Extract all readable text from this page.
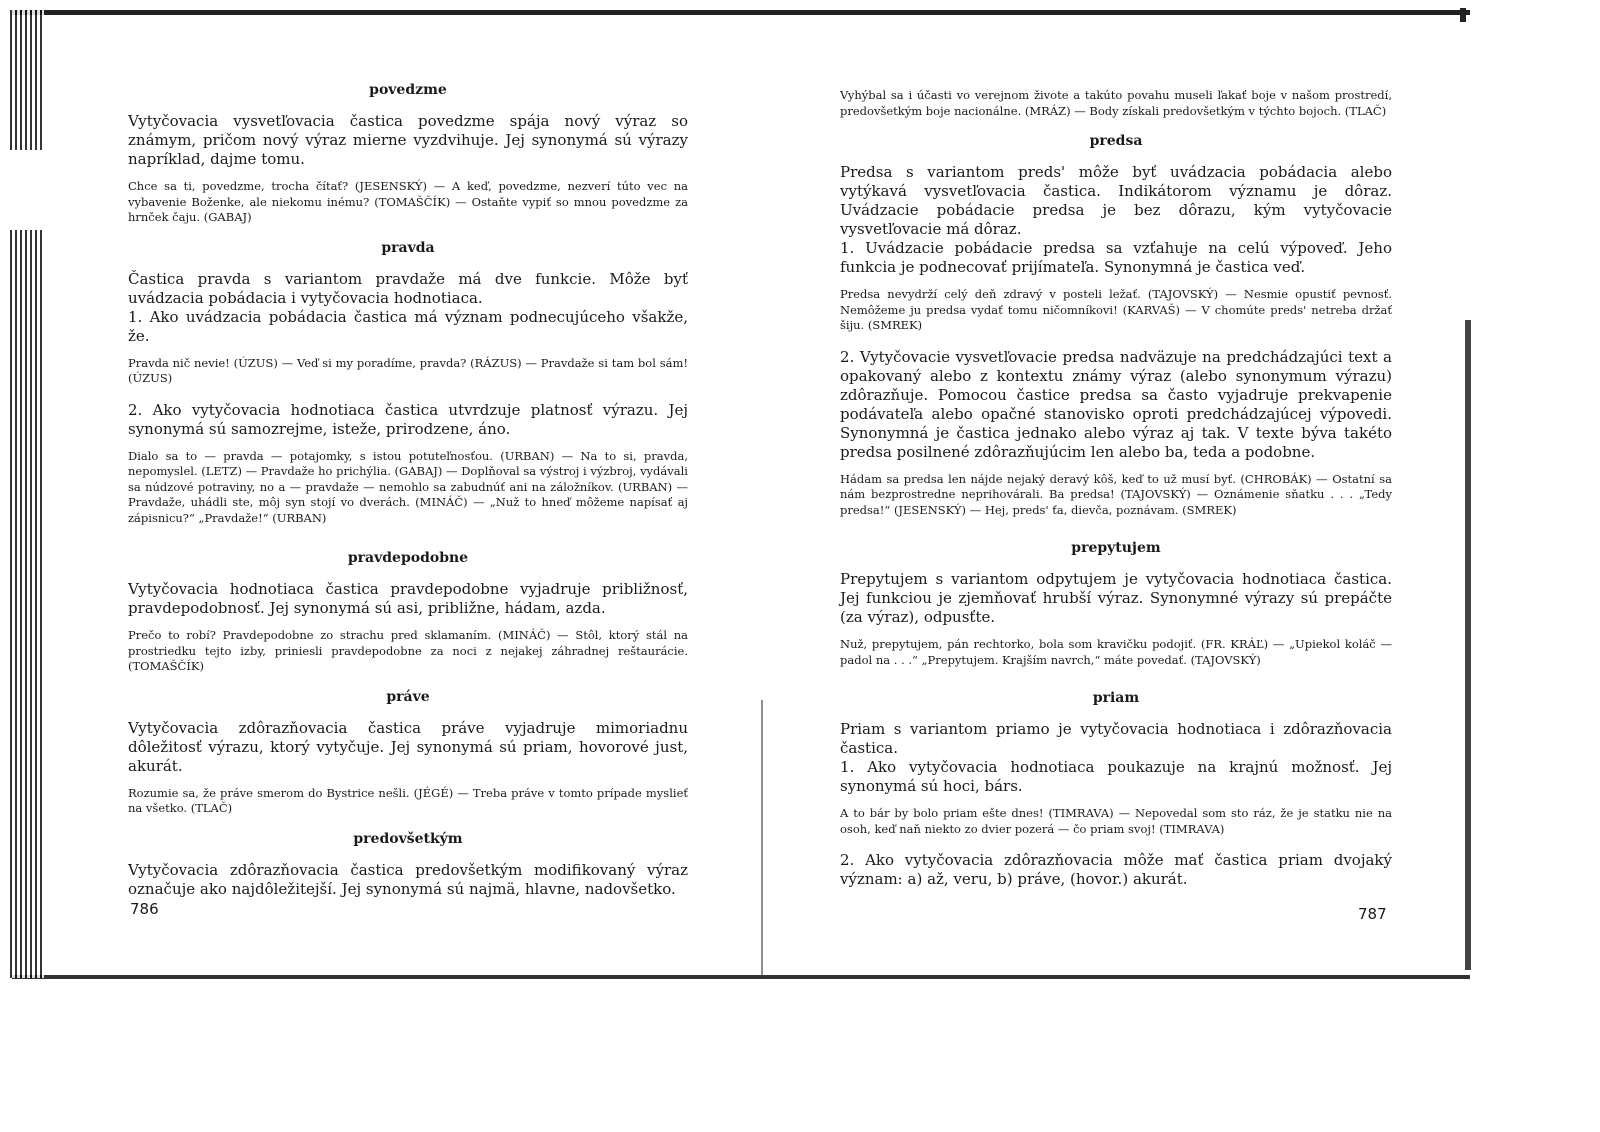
povedzme

Vytyčovacia vysvetľovacia častica povedzme spája nový výraz so známym, pričom nový výraz mierne vyzdvihuje. Jej synonymá sú výrazy napríklad, dajme tomu.

Chce sa ti, povedzme, trocha čítať? (JESENSKÝ) — A keď, povedzme, nezverí túto vec na vybavenie Boženke, ale niekomu inému? (TOMAŠČÍK) — Ostaňte vypiť so mnou povedzme za hrnček čaju. (GABAJ)

pravda

Častica pravda s variantom pravdaže má dve funkcie. Môže byť uvádzacia pobádacia i vytyčovacia hodnotiaca.

1. Ako uvádzacia pobádacia častica má význam podnecujúceho všakže, že.

Pravda nič nevie! (ÚZUS) — Veď si my poradíme, pravda? (RÁZUS) — Pravdaže si tam bol sám! (ÚZUS)

2. Ako vytyčovacia hodnotiaca častica utvrdzuje platnosť výrazu. Jej synonymá sú samozrejme, isteže, prirodzene, áno.

Dialo sa to — pravda — potajomky, s istou potuteľnosťou. (URBAN) — Na to si, pravda, nepomyslel. (LETZ) — Pravdaže ho prichýlia. (GABAJ) — Doplňoval sa výstroj i výzbroj, vydávali sa núdzové potraviny, no a — pravdaže — nemohlo sa zabudnúť ani na záložníkov. (URBAN) — Pravdaže, uhádli ste, môj syn stojí vo dverách. (MINÁČ) — „Nuž to hneď môžeme napísať aj zápisnicu?“ „Pravdaže!“ (URBAN)

pravdepodobne

Vytyčovacia hodnotiaca častica pravdepodobne vyjadruje približnosť, pravdepodobnosť. Jej synonymá sú asi, približne, hádam, azda.

Prečo to robí? Pravdepodobne zo strachu pred sklamaním. (MINÁČ) — Stôl, ktorý stál na prostriedku tejto izby, priniesli pravdepodobne za noci z nejakej záhradnej reštaurácie. (TOMAŠČÍK)

práve

Vytyčovacia zdôrazňovacia častica práve vyjadruje mimoriadnu dôležitosť výrazu, ktorý vytyčuje. Jej synonymá sú priam, hovorové just, akurát.

Rozumie sa, že práve smerom do Bystrice nešli. (JÉGÉ) — Treba práve v tomto prípade myslieť na všetko. (TLAČ)

predovšetkým

Vytyčovacia zdôrazňovacia častica predovšetkým modifikovaný výraz označuje ako najdôležitejší. Jej synonymá sú najmä, hlavne, nadovšetko.

786

Vyhýbal sa i účasti vo verejnom živote a takúto povahu museli ľakať boje v našom prostredí, predovšetkým boje nacionálne. (MRÁZ) — Body získali predovšetkým v týchto bojoch. (TLAČ)

predsa

Predsa s variantom preds' môže byť uvádzacia pobádacia alebo vytýkavá vysvetľovacia častica. Indikátorom významu je dôraz. Uvádzacie pobádacie predsa je bez dôrazu, kým vytyčovacie vysvetľovacie má dôraz.

1. Uvádzacie pobádacie predsa sa vzťahuje na celú výpoveď. Jeho funkcia je podnecovať prijímateľa. Synonymná je častica veď.

Predsa nevydrží celý deň zdravý v posteli ležať. (TAJOVSKÝ) — Nesmie opustiť pevnosť. Nemôžeme ju predsa vydať tomu ničomníkovi! (KARVAŠ) — V chomúte preds' netreba držať šiju. (SMREK)

2. Vytyčovacie vysvetľovacie predsa nadväzuje na predchádzajúci text a opakovaný alebo z kontextu známy výraz (alebo synonymum výrazu) zdôrazňuje. Pomocou častice predsa sa často vyjadruje prekvapenie podávateľa alebo opačné stanovisko oproti predchádzajúcej výpovedi. Synonymná je častica jednako alebo výraz aj tak. V texte býva takéto predsa posilnené zdôrazňujúcim len alebo ba, teda a podobne.

Hádam sa predsa len nájde nejaký deravý kôš, keď to už musí byť. (CHROBÁK) — Ostatní sa nám bezprostredne neprihovárali. Ba predsa! (TAJOVSKÝ) — Oznámenie sňatku . . . „Tedy predsa!“ (JESENSKÝ) — Hej, preds' ťa, dievča, poznávam. (SMREK)

prepytujem

Prepytujem s variantom odpytujem je vytyčovacia hodnotiaca častica. Jej funkciou je zjemňovať hrubší výraz. Synonymné výrazy sú prepáčte (za výraz), odpusťte.

Nuž, prepytujem, pán rechtorko, bola som kravičku podojiť. (FR. KRÁĽ) — „Upiekol koláč — padol na . . .“ „Prepytujem. Krajším navrch,“ máte povedať. (TAJOVSKÝ)

priam

Priam s variantom priamo je vytyčovacia hodnotiaca i zdôrazňovacia častica.

1. Ako vytyčovacia hodnotiaca poukazuje na krajnú možnosť. Jej synonymá sú hoci, bárs.

A to bár by bolo priam ešte dnes! (TIMRAVA) — Nepovedal som sto ráz, že je statku nie na osoh, keď naň niekto zo dvier pozerá — čo priam svoj! (TIMRAVA)

2. Ako vytyčovacia zdôrazňovacia môže mať častica priam dvojaký význam: a) až, veru, b) práve, (hovor.) akurát.

787
